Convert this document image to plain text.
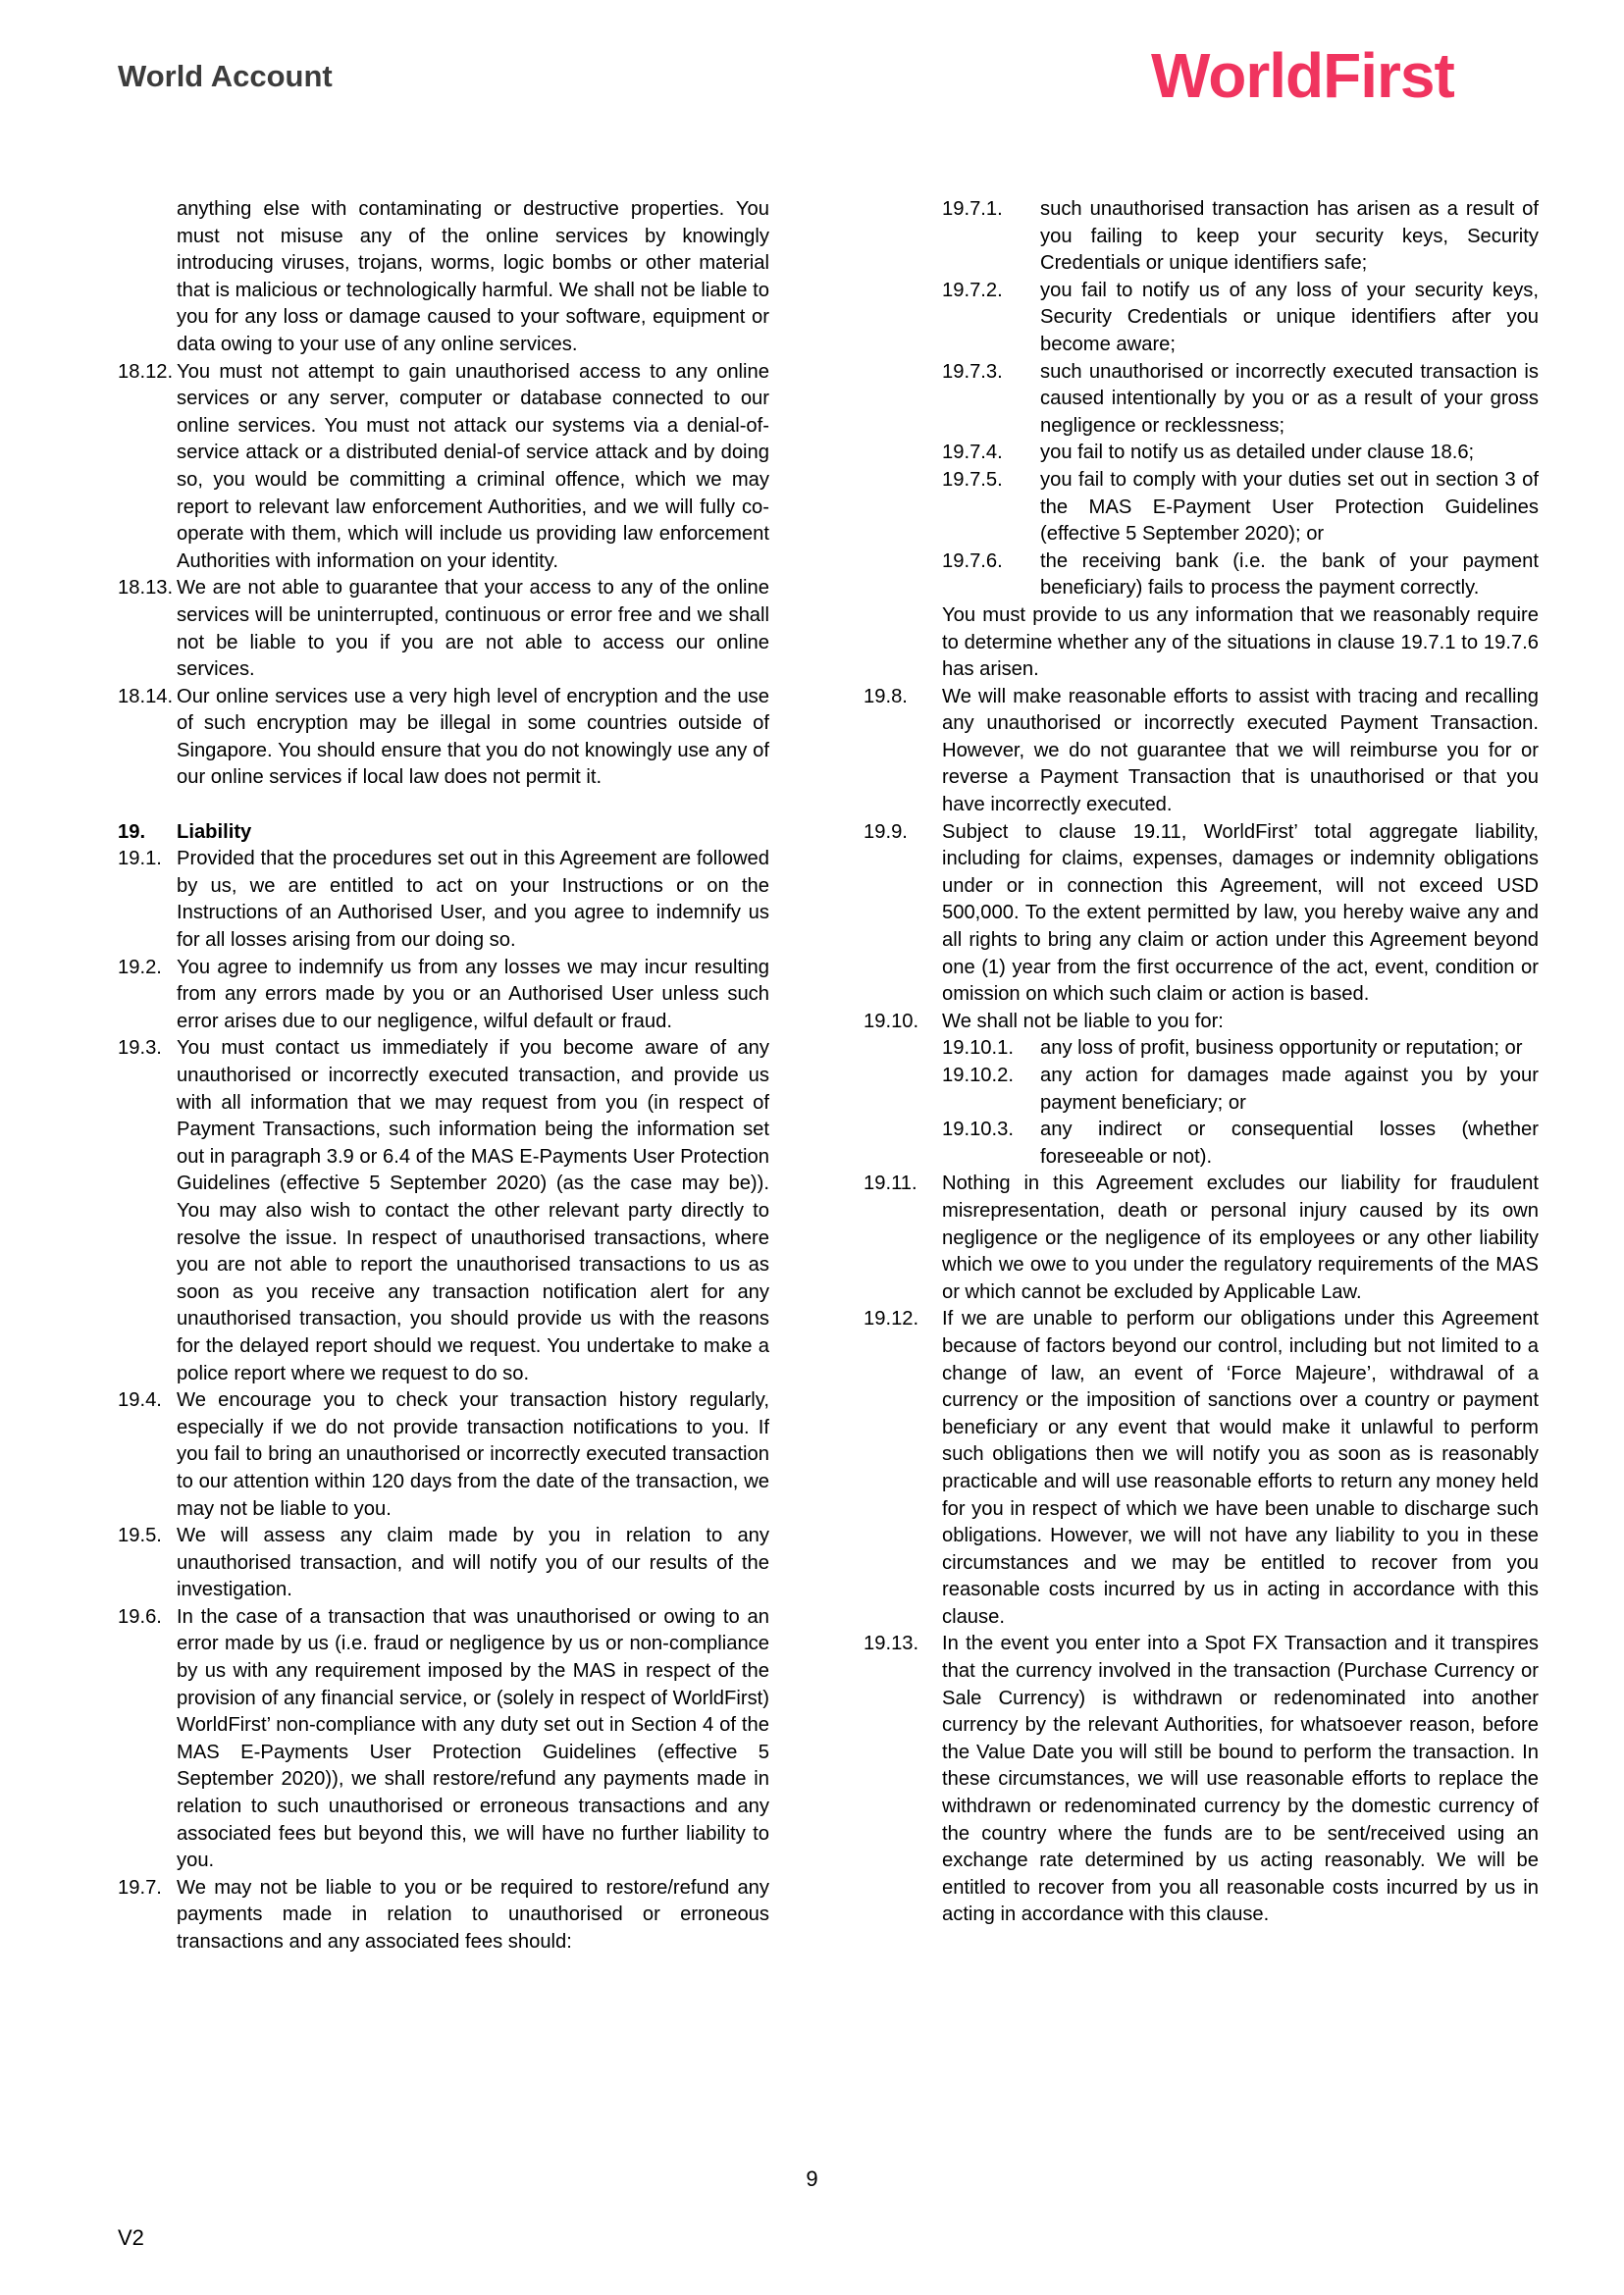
World Account	WorldFirst
anything else with contaminating or destructive properties. You must not misuse any of the online services by knowingly introducing viruses, trojans, worms, logic bombs or other material that is malicious or technologically harmful. We shall not be liable to you for any loss or damage caused to your software, equipment or data owing to your use of any online services.
18.12. You must not attempt to gain unauthorised access to any online services or any server, computer or database connected to our online services. You must not attack our systems via a denial-of-service attack or a distributed denial-of service attack and by doing so, you would be committing a criminal offence, which we may report to relevant law enforcement Authorities, and we will fully co-operate with them, which will include us providing law enforcement Authorities with information on your identity.
18.13. We are not able to guarantee that your access to any of the online services will be uninterrupted, continuous or error free and we shall not be liable to you if you are not able to access our online services.
18.14. Our online services use a very high level of encryption and the use of such encryption may be illegal in some countries outside of Singapore. You should ensure that you do not knowingly use any of our online services if local law does not permit it.
19.	Liability
19.1. Provided that the procedures set out in this Agreement are followed by us, we are entitled to act on your Instructions or on the Instructions of an Authorised User, and you agree to indemnify us for all losses arising from our doing so.
19.2. You agree to indemnify us from any losses we may incur resulting from any errors made by you or an Authorised User unless such error arises due to our negligence, wilful default or fraud.
19.3. You must contact us immediately if you become aware of any unauthorised or incorrectly executed transaction, and provide us with all information that we may request from you (in respect of Payment Transactions, such information being the information set out in paragraph 3.9 or 6.4 of the MAS E-Payments User Protection Guidelines (effective 5 September 2020) (as the case may be)). You may also wish to contact the other relevant party directly to resolve the issue. In respect of unauthorised transactions, where you are not able to report the unauthorised transactions to us as soon as you receive any transaction notification alert for any unauthorised transaction, you should provide us with the reasons for the delayed report should we request. You undertake to make a police report where we request to do so.
19.4. We encourage you to check your transaction history regularly, especially if we do not provide transaction notifications to you. If you fail to bring an unauthorised or incorrectly executed transaction to our attention within 120 days from the date of the transaction, we may not be liable to you.
19.5. We will assess any claim made by you in relation to any unauthorised transaction, and will notify you of our results of the investigation.
19.6. In the case of a transaction that was unauthorised or owing to an error made by us (i.e. fraud or negligence by us or non-compliance by us with any requirement imposed by the MAS in respect of the provision of any financial service, or (solely in respect of WorldFirst) WorldFirst’ non-compliance with any duty set out in Section 4 of the MAS E-Payments User Protection Guidelines (effective 5 September 2020)), we shall restore/refund any payments made in relation to such unauthorised or erroneous transactions and any associated fees but beyond this, we will have no further liability to you.
19.7. We may not be liable to you or be required to restore/refund any payments made in relation to unauthorised or erroneous transactions and any associated fees should:
19.7.1.	such unauthorised transaction has arisen as a result of you failing to keep your security keys, Security Credentials or unique identifiers safe;
19.7.2.	you fail to notify us of any loss of your security keys, Security Credentials or unique identifiers after you become aware;
19.7.3.	such unauthorised or incorrectly executed transaction is caused intentionally by you or as a result of your gross negligence or recklessness;
19.7.4.	you fail to notify us as detailed under clause 18.6;
19.7.5.	you fail to comply with your duties set out in section 3 of the MAS E-Payment User Protection Guidelines (effective 5 September 2020); or
19.7.6.	the receiving bank (i.e. the bank of your payment beneficiary) fails to process the payment correctly.
You must provide to us any information that we reasonably require to determine whether any of the situations in clause 19.7.1 to 19.7.6 has arisen.
19.8.	We will make reasonable efforts to assist with tracing and recalling any unauthorised or incorrectly executed Payment Transaction. However, we do not guarantee that we will reimburse you for or reverse a Payment Transaction that is unauthorised or that you have incorrectly executed.
19.9.	Subject to clause 19.11, WorldFirst’ total aggregate liability, including for claims, expenses, damages or indemnity obligations under or in connection this Agreement, will not exceed USD 500,000. To the extent permitted by law, you hereby waive any and all rights to bring any claim or action under this Agreement beyond one (1) year from the first occurrence of the act, event, condition or omission on which such claim or action is based.
19.10.	We shall not be liable to you for:
19.10.1.	any loss of profit, business opportunity or reputation; or
19.10.2.	any action for damages made against you by your payment beneficiary; or
19.10.3.	any indirect or consequential losses (whether foreseeable or not).
19.11.	Nothing in this Agreement excludes our liability for fraudulent misrepresentation, death or personal injury caused by its own negligence or the negligence of its employees or any other liability which we owe to you under the regulatory requirements of the MAS or which cannot be excluded by Applicable Law.
19.12.	If we are unable to perform our obligations under this Agreement because of factors beyond our control, including but not limited to a change of law, an event of ‘Force Majeure’, withdrawal of a currency or the imposition of sanctions over a country or payment beneficiary or any event that would make it unlawful to perform such obligations then we will notify you as soon as is reasonably practicable and will use reasonable efforts to return any money held for you in respect of which we have been unable to discharge such obligations. However, we will not have any liability to you in these circumstances and we may be entitled to recover from you reasonable costs incurred by us in acting in accordance with this clause.
19.13.	In the event you enter into a Spot FX Transaction and it transpires that the currency involved in the transaction (Purchase Currency or Sale Currency) is withdrawn or redenominated into another currency by the relevant Authorities, for whatsoever reason, before the Value Date you will still be bound to perform the transaction. In these circumstances, we will use reasonable efforts to replace the withdrawn or redenominated currency by the domestic currency of the country where the funds are to be sent/received using an exchange rate determined by us acting reasonably. We will be entitled to recover from you all reasonable costs incurred by us in acting in accordance with this clause.
9
V2
